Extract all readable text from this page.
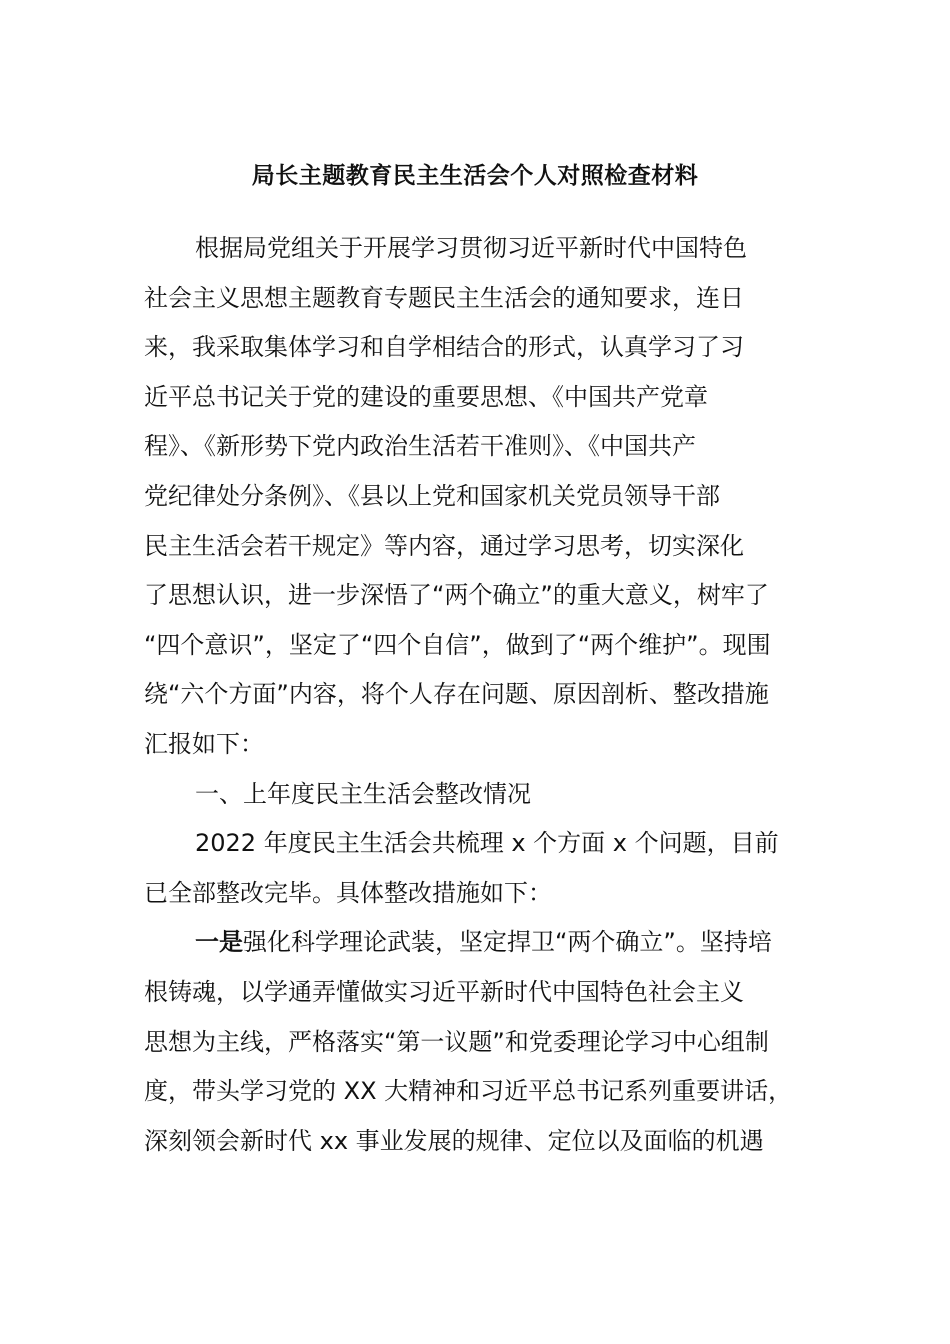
局长主题教育民主生活会个人对照检查材料
根据局党组关于开展学习贯彻习近平新时代中国特色
社会主义思想主题教育专题民主生活会的通知要求，连日
来，我采取集体学习和自学相结合的形式，认真学习了习
近平总书记关于党的建设的重要思想、《中国共产党章
程》、《新形势下党内政治生活若干准则》、《中国共产
党纪律处分条例》、《县以上党和国家机关党员领导干部
民主生活会若干规定》等内容，通过学习思考，切实深化
了思想认识，进一步深悟了“两个确立”的重大意义，树牢了
“四个意识”，坚定了“四个自信”，做到了“两个维护”。现围
绕“六个方面”内容，将个人存在问题、原因剖析、整改措施
汇报如下：
一、上年度民主生活会整改情况
2022 年度民主生活会共梳理 x 个方面 x 个问题，目前
已全部整改完毕。具体整改措施如下：
一是强化科学理论武装，坚定捍卫“两个确立”。坚持培
根铸魂，以学通弄懂做实习近平新时代中国特色社会主义
思想为主线，严格落实“第一议题”和党委理论学习中心组制
度，带头学习党的 XX 大精神和习近平总书记系列重要讲话，
深刻领会新时代 xx 事业发展的规律、定位以及面临的机遇
